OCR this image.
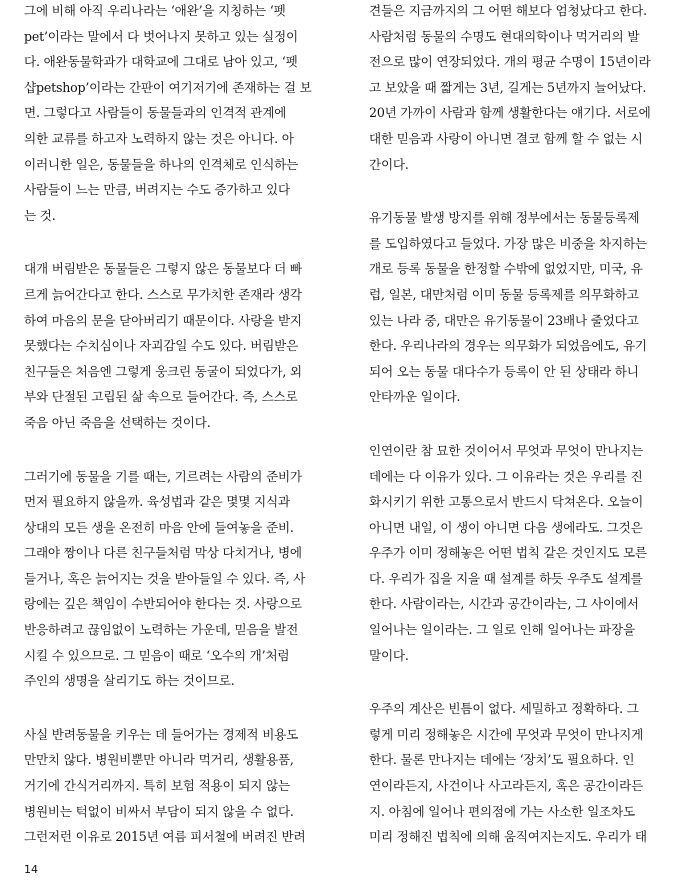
그에 비해 아직 우리나라는 ‘애완’을 지칭하는 ‘펫
pet’이라는 말에서 다 벗어나지 못하고 있는 실정이
다. 애완동물학과가 대학교에 그대로 남아 있고, ‘펫
샵petshop’이라는 간판이 여기저기에 존재하는 걸 보
면. 그렇다고 사람들이 동물들과의 인격적 관계에
의한 교류를 하고자 노력하지 않는 것은 아니다. 아
이러니한 일은, 동물들을 하나의 인격체로 인식하는
사람들이 느는 만큼, 버려지는 수도 증가하고 있다
는 것.

대개 버림받은 동물들은 그렇지 않은 동물보다 더 빠
르게 늙어간다고 한다. 스스로 무가치한 존재라 생각
하여 마음의 문을 닫아버리기 때문이다. 사랑을 받지
못했다는 수치심이나 자괴감일 수도 있다. 버림받은
친구들은 처음엔 그렇게 웅크린 동굴이 되었다가, 외
부와 단절된 고립된 삶 속으로 들어간다. 즉, 스스로
죽음 아닌 죽음을 선택하는 것이다.

그러기에 동물을 기를 때는, 기르려는 사람의 준비가
먼저 필요하지 않을까. 육성법과 같은 몇몇 지식과
상대의 모든 생을 온전히 마음 안에 들여놓을 준비.
그래야 짱이나 다른 친구들처럼 막상 다치거나, 병에
들거나, 혹은 늙어지는 것을 받아들일 수 있다. 즉, 사
랑에는 깊은 책임이 수반되어야 한다는 것. 사랑으로
반응하려고 끊임없이 노력하는 가운데, 믿음을 발전
시킬 수 있으므로. 그 믿음이 때로 ‘오수의 개’처럼
주인의 생명을 살리기도 하는 것이므로.

사실 반려동물을 키우는 데 들어가는 경제적 비용도
만만치 않다. 병원비뿐만 아니라 먹거리, 생활용품,
거기에 간식거리까지. 특히 보험 적용이 되지 않는
병원비는 턱없이 비싸서 부담이 되지 않을 수 없다.
그런저런 이유로 2015년 여름 피서철에 버려진 반려

견들은 지금까지의 그 어떤 해보다 엄청났다고 한다.
사람처럼 동물의 수명도 현대의학이나 먹거리의 발
전으로 많이 연장되었다. 개의 평균 수명이 15년이라
고 보았을 때 짧게는 3년, 길게는 5년까지 늘어났다.
20년 가까이 사람과 함께 생활한다는 얘기다. 서로에
대한 믿음과 사랑이 아니면 결코 함께 할 수 없는 시
간이다.

유기동물 발생 방지를 위해 정부에서는 동물등록제
를 도입하였다고 들었다. 가장 많은 비중을 차지하는
개로 등록 동물을 한정할 수밖에 없었지만, 미국, 유
럽, 일본, 대만처럼 이미 동물 등록제를 의무화하고
있는 나라 중, 대만은 유기동물이 23배나 줄었다고
한다. 우리나라의 경우는 의무화가 되었음에도, 유기
되어 오는 동물 대다수가 등록이 안 된 상태라 하니
안타까운 일이다.

인연이란 참 묘한 것이어서 무엇과 무엇이 만나지는
데에는 다 이유가 있다. 그 이유라는 것은 우리를 진
화시키기 위한 고통으로서 반드시 닥쳐온다. 오늘이
아니면 내일, 이 생이 아니면 다음 생에라도. 그것은
우주가 이미 정해놓은 어떤 법칙 같은 것인지도 모른
다. 우리가 집을 지을 때 설계를 하듯 우주도 설계를
한다. 사람이라는, 시간과 공간이라는, 그 사이에서
일어나는 일이라는. 그 일로 인해 일어나는 파장을
말이다.

우주의 계산은 빈틈이 없다. 세밀하고 정확하다. 그
렇게 미리 정해놓은 시간에 무엇과 무엇이 만나지게
한다. 물론 만나지는 데에는 ‘장치’도 필요하다. 인
연이라든지, 사건이나 사고라든지, 혹은 공간이라든
지. 아침에 일어나 편의점에 가는 사소한 일조차도
미리 정해진 법칙에 의해 움직여지는지도. 우리가 태

14
